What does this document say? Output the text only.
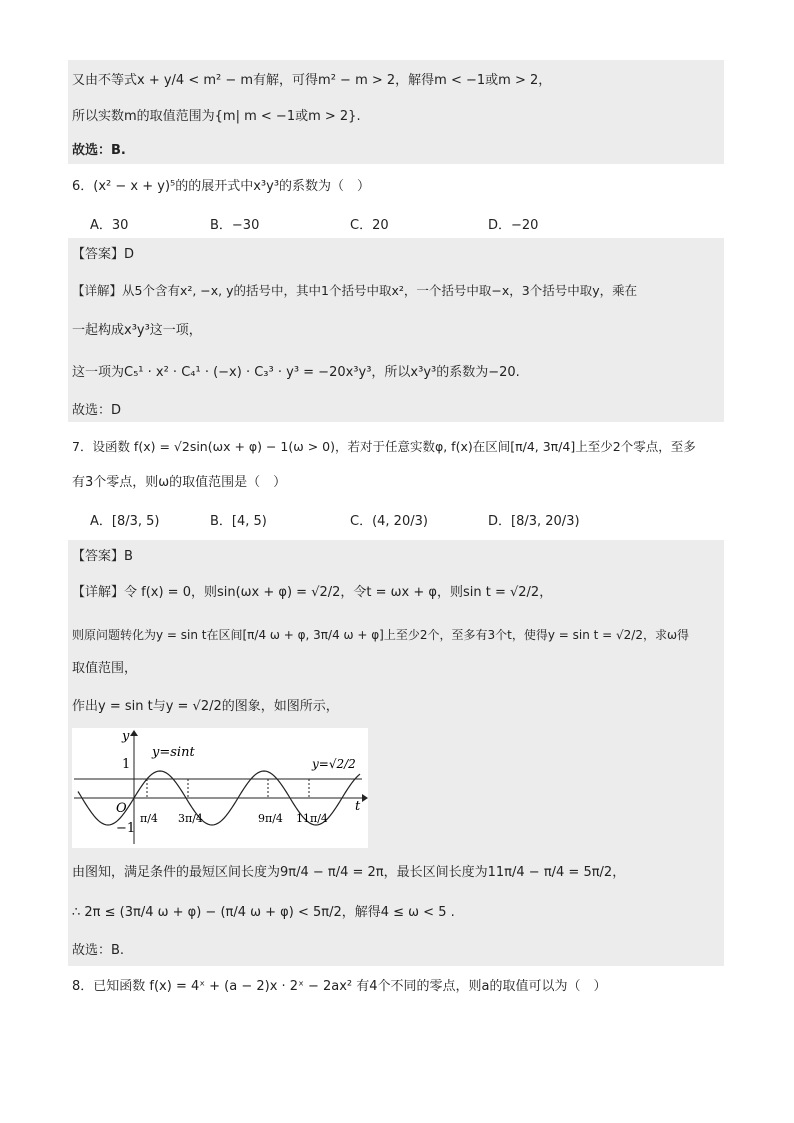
又由不等式x + y/4 < m² − m有解，可得m² − m > 2，解得m < −1或m > 2，
所以实数m的取值范围为{m| m < −1或m > 2}.
故选：B.
6．(x² − x + y)⁵的的展开式中x³y³的系数为（　）
A．30	B．−30	C．20	D．−20
【答案】D
【详解】从5个含有x², −x, y的括号中，其中1个括号中取x²，一个括号中取−x，3个括号中取y，乘在
一起构成x³y³这一项，
这一项为C₅¹ · x² · C₄¹ · (−x) · C₃³ · y³ = −20x³y³，所以x³y³的系数为−20.
故选：D
7．设函数 f(x) = √2sin(ωx + φ) − 1(ω > 0)，若对于任意实数φ, f(x)在区间[π/4, 3π/4]上至少2个零点，至多
有3个零点，则ω的取值范围是（　）
A．[8/3, 5)	B．[4, 5)	C．(4, 20/3)	D．[8/3, 20/3)
【答案】B
【详解】令 f(x) = 0，则sin(ωx + φ) = √2/2，令t = ωx + φ，则sin t = √2/2，
则原问题转化为y = sin t在区间[π/4 ω + φ, 3π/4 ω + φ]上至少2个，至多有3个t，使得y = sin t = √2/2，求ω得
取值范围，
作出y = sin t与y = √2/2的图象，如图所示，
y
t
O
1
−1
y=sint
y=√2/2
π/4 3π/4	9π/4 11π/4
由图知，满足条件的最短区间长度为9π/4 − π/4 = 2π，最长区间长度为11π/4 − π/4 = 5π/2，
∴ 2π ≤ (3π/4 ω + φ) − (π/4 ω + φ) < 5π/2，解得4 ≤ ω < 5 .
故选：B.
8．已知函数 f(x) = 4ˣ + (a − 2)x · 2ˣ − 2ax² 有4个不同的零点，则a的取值可以为（　）
